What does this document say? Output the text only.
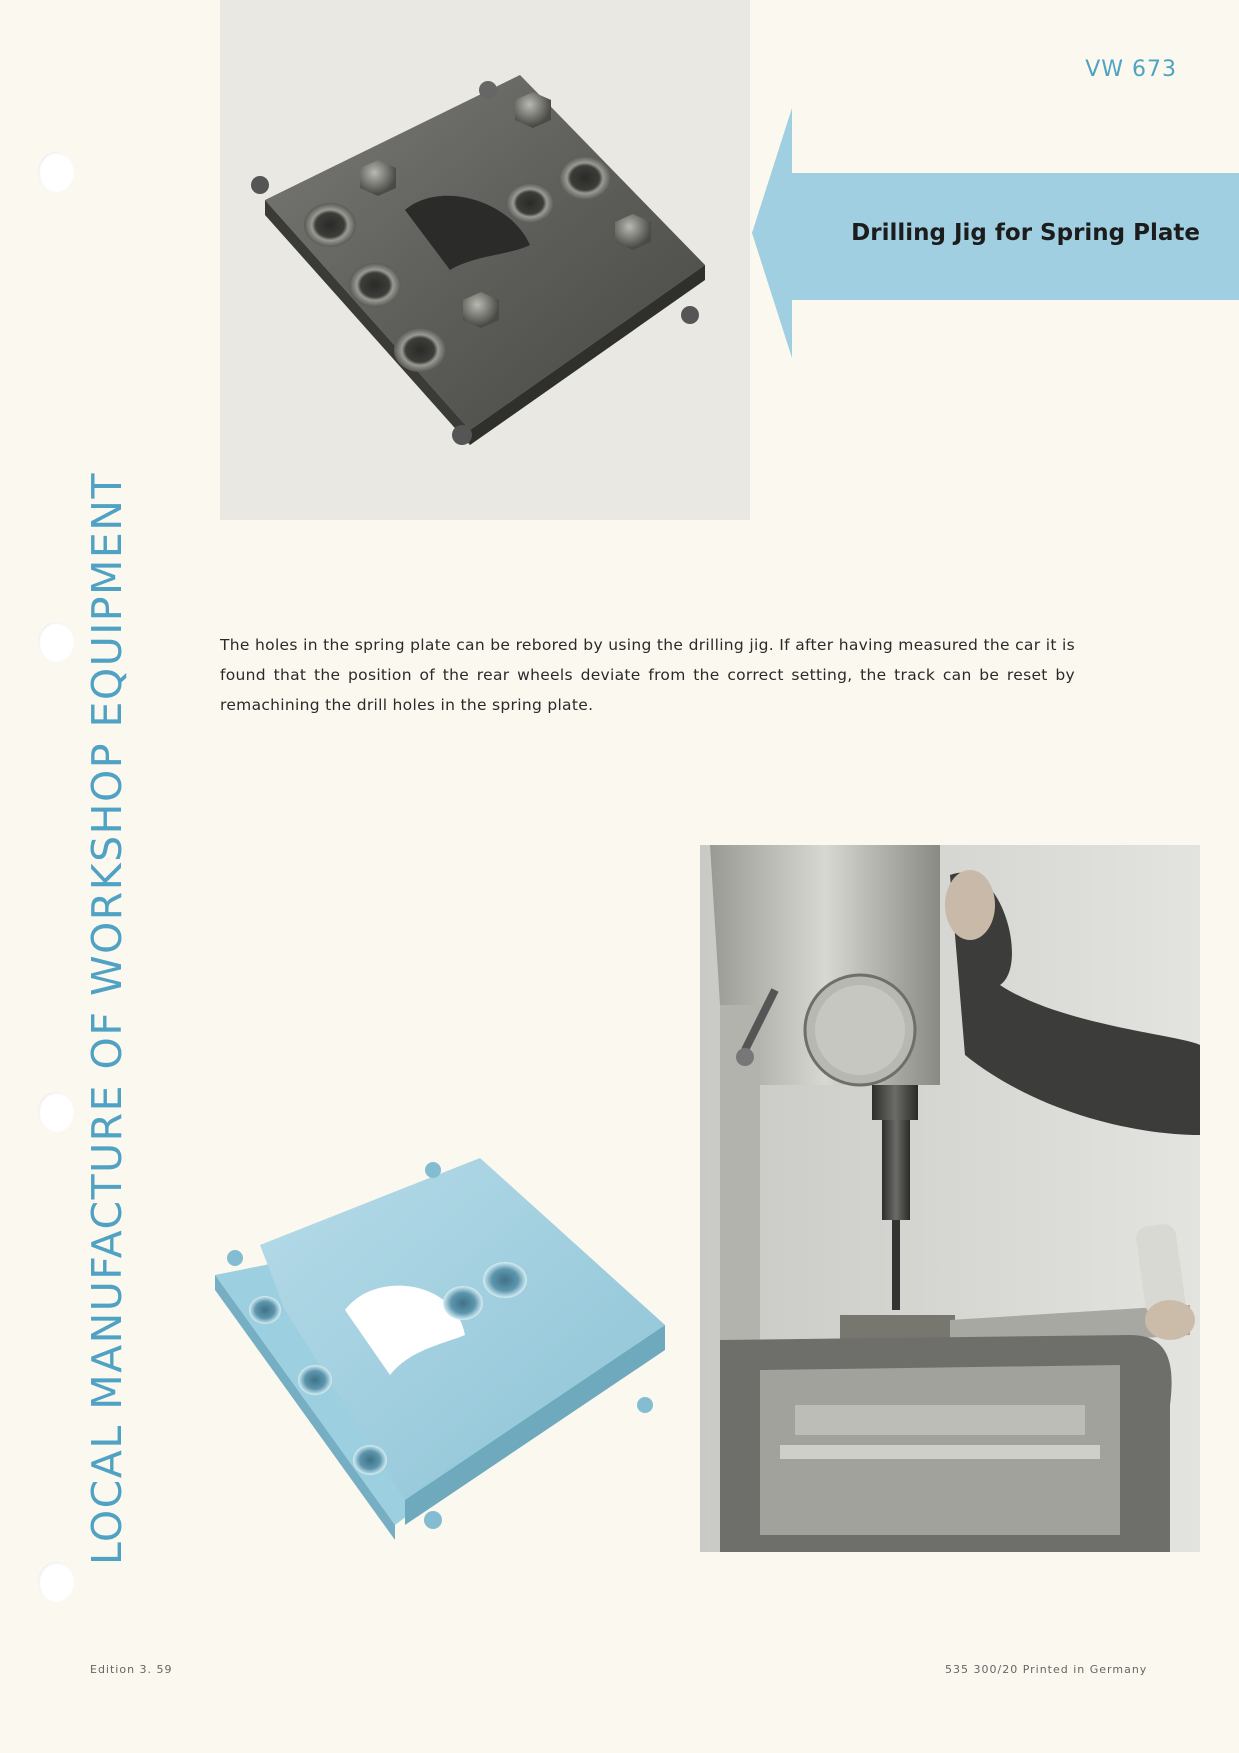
LOCAL MANUFACTURE OF WORKSHOP EQUIPMENT
VW 673
Drilling Jig for Spring Plate
The holes in the spring plate can be rebored by using the drilling jig. If after having measured the car it is found that the position of the rear wheels deviate from the correct setting, the track can be reset by remachining the drill holes in the spring plate.
Edition 3. 59	535 300/20 Printed in Germany
